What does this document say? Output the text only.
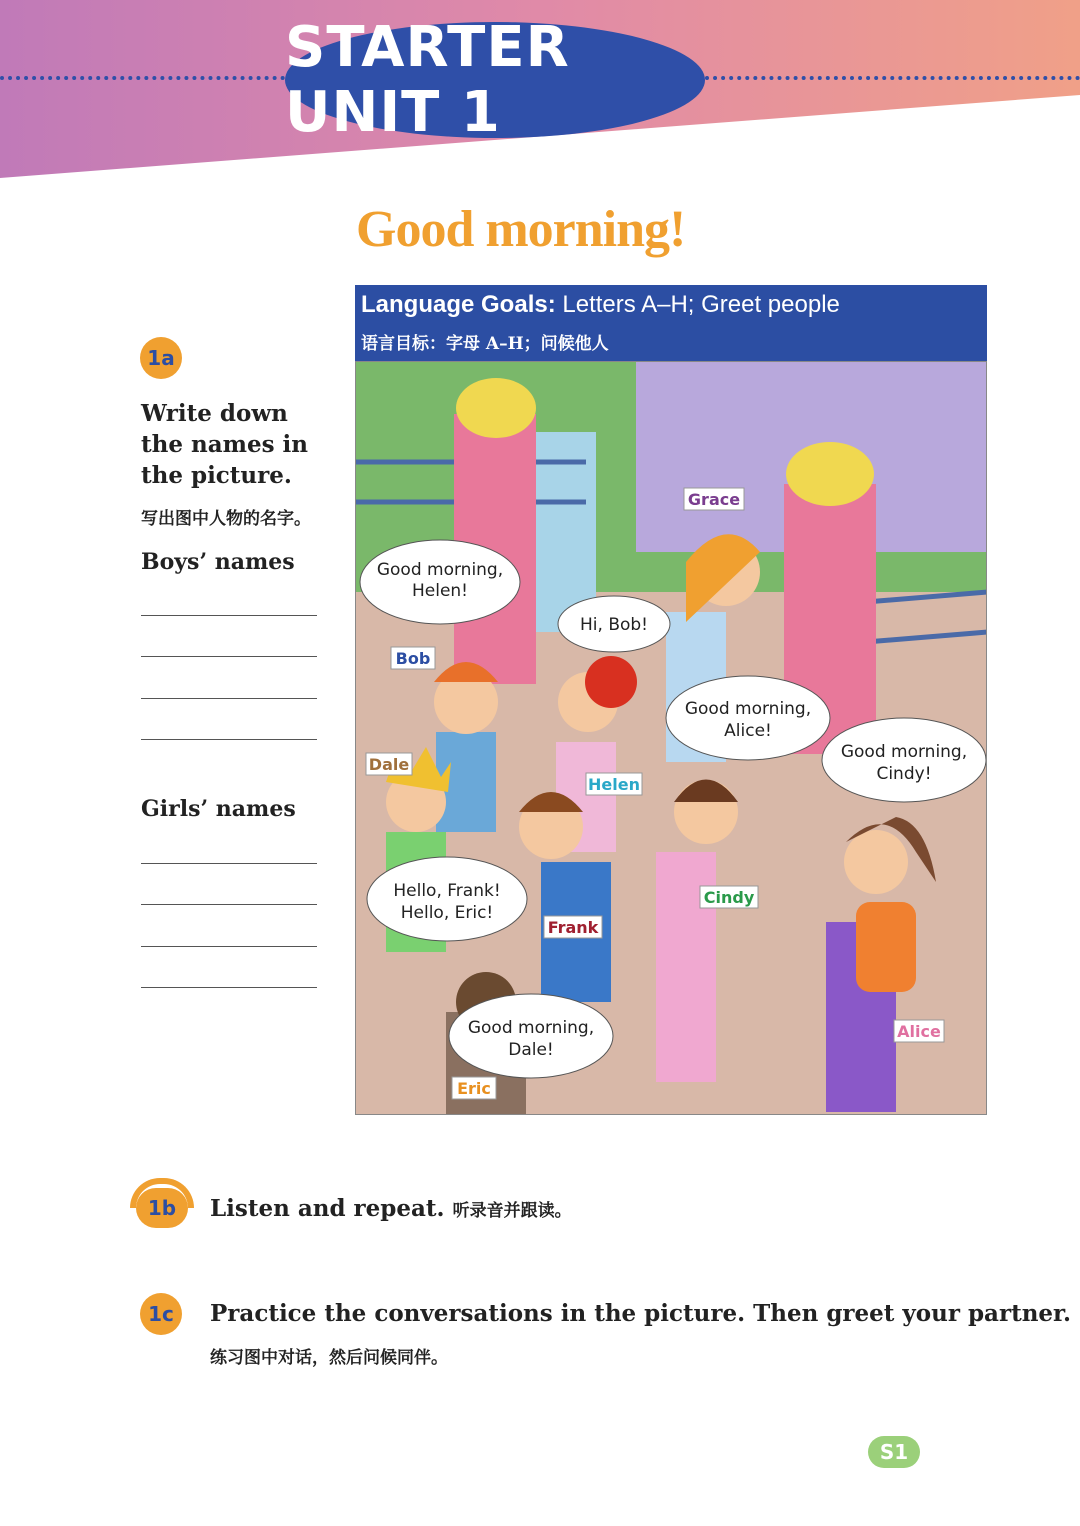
STARTER UNIT 1
Good morning!
Language Goals: Letters A–H; Greet people
语言目标：字母 A–H；问候他人
Grace
Bob
Dale
Helen
Cindy
Frank
Eric
Alice
Good morning,
Helen!
Hi, Bob!
Good morning,
Alice!
Good morning,
Cindy!
Hello, Frank!
Hello, Eric!
Good morning,
Dale!
1a
Write down the names in the picture.
写出图中人物的名字。
Boys’ names
Girls’ names
1b	Listen and repeat. 听录音并跟读。
1c	Practice the conversations in the picture. Then greet your partner.
练习图中对话，然后问候同伴。
S1
